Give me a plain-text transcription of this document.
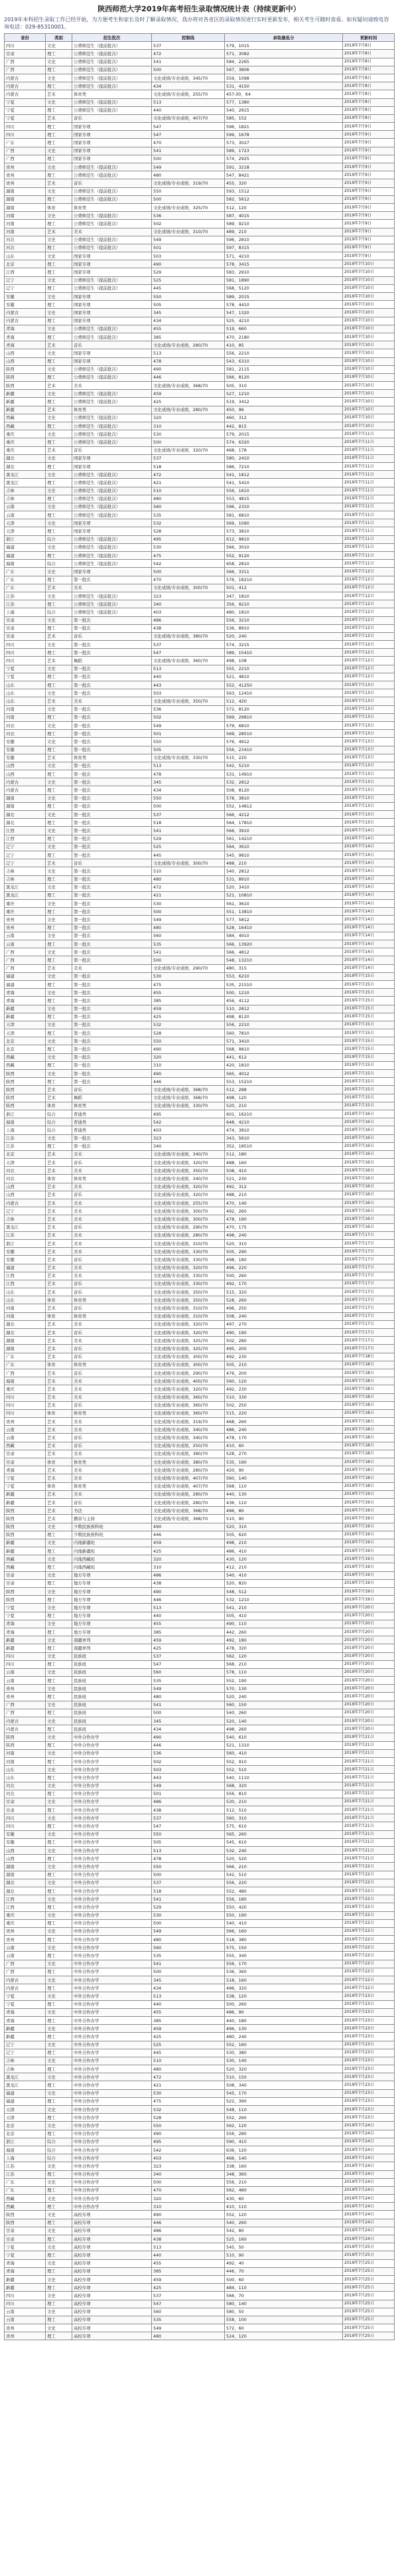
陕西师范大学2019年高考招生录取情况统计表（持续更新中）
2019年本科招生录取工作已经开始，为方便考生和家长及时了解录取情况，我办将对各省区的录取情况进行实时更新发布，相关考生可随时查看。如有疑问请致电咨询电话：029-85310001。
省份	类别	招生批次	控制线	录取最低分	更新时间
四川	文史	公费师范生（提前批次）	537	579，1015	2019年7月8日
甘肃	理工	公费师范生（提前批次）	472	571，3082	2019年7月8日
广西	文史	公费师范生（提前批次）	541	584，2265	2019年7月8日
广西	理工	公费师范生（提前批次）	500	567，3806	2019年7月8日
内蒙古	文史	公费师范生（提前批次）	文化成绩/专业成绩，345/70	559，1098	2019年7月8日
内蒙古	理工	公费师范生（提前批次）	434	531，4150	2019年7月8日
内蒙古	艺术	体育类	文化成绩/专业成绩，255/70	457.00，64	2019年7月8日
宁夏	文史	公费师范生（提前批次）	513	577，1380	2019年7月8日
宁夏	理工	公费师范生（提前批次）	440	540，2915	2019年7月8日
宁夏	艺术	音乐	文化成绩/专业成绩，407/70	585，152	2019年7月8日
四川	理工	国家专项	547	596，1821	2019年7月9日
四川	理工	国家专项	547	599，1678	2019年7月9日
广东	理工	国家专项	470	573，3027	2019年7月9日
广西	文史	国家专项	541	589，1723	2019年7月9日
广西	理工	国家专项	500	574，2925	2019年7月9日
贵州	文史	公费师范生（提前批次）	549	591，3218	2019年7月9日
贵州	理工	公费师范生（提前批次）	480	547，8421	2019年7月9日
贵州	艺术	音乐	文化成绩/专业成绩，319/70	455，320	2019年7月9日
湖南	文史	公费师范生（提前批次）	550	593，1512	2019年7月9日
湖南	理工	公费师范生（提前批次）	500	582，5612	2019年7月9日
湖南	体育	体育类	文化成绩/专业成绩，325/70	512，120	2019年7月9日
河南	文史	公费师范生（提前批次）	536	587，4015	2019年7月9日
河南	理工	公费师范生（提前批次）	502	589，9210	2019年7月9日
河南	艺术	美术	文化成绩/专业成绩，310/70	489，210	2019年7月9日
河北	文史	公费师范生（提前批次）	549	596，2810	2019年7月9日
河北	理工	公费师范生（提前批次）	501	597，8315	2019年7月9日
山东	文史	国家专项	503	571，4210	2019年7月9日
北京	理工	国家专项	490	578，3415	2019年7月10日
江西	理工	国家专项	529	583，2910	2019年7月10日
辽宁	文史	公费师范生（提前批次）	525	581，1890	2019年7月10日
辽宁	理工	公费师范生（提前批次）	445	568，5120	2019年7月10日
安徽	文史	国家专项	550	589，2015	2019年7月10日
安徽	理工	国家专项	505	578，4410	2019年7月10日
内蒙古	文史	国家专项	345	547，1320	2019年7月10日
内蒙古	理工	国家专项	434	525，4210	2019年7月10日
青海	文史	公费师范生（提前批次）	455	519，660	2019年7月10日
青海	理工	公费师范生（提前批次）	385	470，2180	2019年7月10日
青海	艺术	音乐	文化成绩/专业成绩，280/70	410，85	2019年7月10日
山西	文史	国家专项	513	556，2210	2019年7月10日
山西	理工	国家专项	478	543，6310	2019年7月10日
陕西	文史	公费师范生（提前批次）	490	581，2115	2019年7月10日
陕西	理工	公费师范生（提前批次）	446	566，8120	2019年7月10日
陕西	艺术	美术	文化成绩/专业成绩，368/70	505，310	2019年7月10日
新疆	文史	公费师范生（提前批次）	459	527，1210	2019年7月10日
新疆	理工	公费师范生（提前批次）	425	519，3412	2019年7月10日
新疆	艺术	体育类	文化成绩/专业成绩，280/70	450，96	2019年7月10日
西藏	文史	公费师范生（提前批次）	320	460，312	2019年7月10日
西藏	理工	公费师范生（提前批次）	310	442，815	2019年7月10日
重庆	文史	公费师范生（提前批次）	530	579，2015	2019年7月11日
重庆	理工	公费师范生（提前批次）	500	574，6320	2019年7月11日
重庆	艺术	音乐	文化成绩/专业成绩，320/70	468，178	2019年7月11日
湖北	文史	国家专项	537	580，2410	2019年7月11日
湖北	理工	国家专项	518	586，7210	2019年7月11日
黑龙江	文史	公费师范生（提前批次）	472	541，1812	2019年7月11日
黑龙江	理工	公费师范生（提前批次）	421	541，5410	2019年7月11日
吉林	文史	公费师范生（提前批次）	510	556，1610	2019年7月11日
吉林	理工	公费师范生（提前批次）	480	553，4815	2019年7月11日
云南	文史	公费师范生（提前批次）	560	596，2310	2019年7月11日
云南	理工	公费师范生（提前批次）	535	581，6810	2019年7月11日
天津	文史	国家专项	532	569，1090	2019年7月11日
天津	理工	国家专项	528	573，3810	2019年7月11日
浙江	综合	公费师范生（提前批次）	495	612，9810	2019年7月11日
福建	文史	公费师范生（提前批次）	530	566，3010	2019年7月11日
福建	理工	公费师范生（提前批次）	475	552，9120	2019年7月11日
海南	综合	公费师范生（提前批次）	542	658，2810	2019年7月11日
广东	文史	国家专项	500	566，3311	2019年7月12日
广东	理工	第一批次	470	576，18210	2019年7月12日
广东	艺术	美术	文化成绩/专业成绩，300/70	501，412	2019年7月12日
江苏	文史	公费师范生（提前批次）	323	347，1810	2019年7月12日
江苏	理工	公费师范生（提前批次）	340	356，9210	2019年7月12日
上海	综合	公费师范生（提前批次）	403	480，1810	2019年7月12日
甘肃	文史	第一批次	486	556，3210	2019年7月12日
甘肃	理工	第一批次	438	536，8910	2019年7月12日
甘肃	艺术	音乐	文化成绩/专业成绩，380/70	520，240	2019年7月12日
四川	文史	第一批次	537	574，3215	2019年7月12日
四川	理工	第一批次	547	589，15410	2019年7月12日
四川	艺术	舞蹈	文化成绩/专业成绩，360/70	498，108	2019年7月12日
宁夏	文史	第一批次	513	555，2210	2019年7月12日
宁夏	理工	第一批次	440	521，4810	2019年7月12日
山东	理工	第一批次	443	552，41250	2019年7月13日
山东	文史	第一批次	503	563，12410	2019年7月13日
山东	艺术	美术	文化成绩/专业成绩，350/70	512，420	2019年7月13日
河南	文史	第一批次	536	572，8120	2019年7月13日
河南	理工	第一批次	502	569，29810	2019年7月13日
河北	文史	第一批次	549	579，6810	2019年7月13日
河北	理工	第一批次	501	569，28510	2019年7月13日
安徽	文史	第一批次	550	576，4912	2019年7月13日
安徽	理工	第一批次	505	556，23410	2019年7月13日
安徽	艺术	体育类	文化成绩/专业成绩，330/70	515，220	2019年7月13日
山西	文史	第一批次	513	542，5210	2019年7月13日
山西	理工	第一批次	478	531，14910	2019年7月13日
内蒙古	文史	第一批次	345	532，2812	2019年7月13日
内蒙古	理工	第一批次	434	508，8120	2019年7月13日
湖南	文史	第一批次	550	578，3810	2019年7月13日
湖南	理工	第一批次	500	552，14812	2019年7月13日
湖北	文史	第一批次	537	566，4212	2019年7月13日
湖北	理工	第一批次	518	564，17810	2019年7月13日
江西	文史	第一批次	541	566，3910	2019年7月14日
江西	理工	第一批次	529	561，14210	2019年7月14日
辽宁	文史	第一批次	525	564，3610	2019年7月14日
辽宁	理工	第一批次	445	545，9810	2019年7月14日
辽宁	艺术	音乐	文化成绩/专业成绩，300/70	488，210	2019年7月14日
吉林	文史	第一批次	510	540，2812	2019年7月14日
吉林	理工	第一批次	480	531，8910	2019年7月14日
黑龙江	文史	第一批次	472	520，3410	2019年7月14日
黑龙江	理工	第一批次	421	521，10810	2019年7月14日
重庆	文史	第一批次	530	561，3610	2019年7月14日
重庆	理工	第一批次	500	551，13810	2019年7月14日
贵州	文史	第一批次	549	577，5812	2019年7月14日
贵州	理工	第一批次	480	528，16410	2019年7月14日
云南	文史	第一批次	560	584，4910	2019年7月14日
云南	理工	第一批次	535	566，13920	2019年7月14日
广西	文史	第一批次	541	566，4812	2019年7月14日
广西	理工	第一批次	500	548，13210	2019年7月14日
广西	艺术	美术	文化成绩/专业成绩，290/70	480，315	2019年7月14日
福建	文史	第一批次	530	553，6210	2019年7月15日
福建	理工	第一批次	475	535，21510	2019年7月15日
青海	文史	第一批次	455	500，1210	2019年7月15日
青海	理工	第一批次	385	456，4112	2019年7月15日
新疆	文史	第一批次	459	510，2812	2019年7月15日
新疆	理工	第一批次	425	498，8120	2019年7月15日
天津	文史	第一批次	532	556，2210	2019年7月15日
天津	理工	第一批次	528	560，7810	2019年7月15日
北京	文史	第一批次	550	571，3410	2019年7月15日
北京	理工	第一批次	490	568，9810	2019年7月15日
西藏	文史	第一批次	320	441，612	2019年7月15日
西藏	理工	第一批次	310	420，1810	2019年7月15日
陕西	文史	第一批次	490	565，4012	2019年7月15日
陕西	理工	第一批次	446	553，15210	2019年7月15日
陕西	艺术	音乐	文化成绩/专业成绩，368/70	512，288	2019年7月15日
陕西	艺术	舞蹈	文化成绩/专业成绩，368/70	498，120	2019年7月15日
陕西	体育	体育类	文化成绩/专业成绩，330/70	520，210	2019年7月15日
浙江	综合	普通类	495	601，16210	2019年7月16日
海南	综合	普通类	542	648，4210	2019年7月16日
上海	综合	普通类	403	474，3810	2019年7月16日
江苏	文史	第一批次	323	343，5610	2019年7月16日
江苏	理工	第一批次	340	352，18510	2019年7月16日
北京	艺术	美术	文化成绩/专业成绩，340/70	512，180	2019年7月16日
天津	艺术	音乐	文化成绩/专业成绩，320/70	488，160	2019年7月16日
河北	艺术	美术	文化成绩/专业成绩，350/70	508，410	2019年7月16日
河北	体育	体育类	文化成绩/专业成绩，340/70	521，230	2019年7月16日
山西	艺术	美术	文化成绩/专业成绩，320/70	492，312	2019年7月16日
山西	艺术	音乐	文化成绩/专业成绩，320/70	488，210	2019年7月16日
内蒙古	艺术	美术	文化成绩/专业成绩，255/70	470，140	2019年7月16日
辽宁	艺术	美术	文化成绩/专业成绩，300/70	492，260	2019年7月16日
吉林	艺术	美术	文化成绩/专业成绩，300/70	478，190	2019年7月16日
黑龙江	艺术	音乐	文化成绩/专业成绩，290/70	470，175	2019年7月16日
江苏	艺术	美术	文化成绩/专业成绩，280/70	498，240	2019年7月17日
浙江	艺术	美术	文化成绩/专业成绩，310/70	520，310	2019年7月17日
安徽	艺术	美术	文化成绩/专业成绩，330/70	505，290	2019年7月17日
安徽	艺术	音乐	文化成绩/专业成绩，330/70	498，180	2019年7月17日
福建	艺术	美术	文化成绩/专业成绩，320/70	496，220	2019年7月17日
江西	艺术	美术	文化成绩/专业成绩，330/70	500，260	2019年7月17日
江西	艺术	音乐	文化成绩/专业成绩，330/70	492，170	2019年7月17日
山东	艺术	音乐	文化成绩/专业成绩，350/70	515，320	2019年7月17日
山东	体育	体育类	文化成绩/专业成绩，350/70	528，260	2019年7月17日
河南	艺术	音乐	文化成绩/专业成绩，310/70	496，250	2019年7月17日
河南	体育	体育类	文化成绩/专业成绩，310/70	508，240	2019年7月17日
湖北	艺术	美术	文化成绩/专业成绩，320/70	497，270	2019年7月17日
湖北	艺术	音乐	文化成绩/专业成绩，320/70	490，190	2019年7月17日
湖南	艺术	美术	文化成绩/专业成绩，325/70	502，280	2019年7月17日
湖南	艺术	音乐	文化成绩/专业成绩，325/70	495，200	2019年7月17日
广东	艺术	音乐	文化成绩/专业成绩，300/70	492，230	2019年7月18日
广东	体育	体育类	文化成绩/专业成绩，300/70	505，210	2019年7月18日
广西	艺术	音乐	文化成绩/专业成绩，290/70	476，200	2019年7月18日
海南	艺术	美术	文化成绩/专业成绩，400/70	560，120	2019年7月18日
重庆	艺术	美术	文化成绩/专业成绩，320/70	492，230	2019年7月18日
四川	艺术	美术	文化成绩/专业成绩，360/70	510，330	2019年7月18日
四川	艺术	音乐	文化成绩/专业成绩，360/70	502，250	2019年7月18日
四川	体育	体育类	文化成绩/专业成绩，360/70	515，220	2019年7月18日
贵州	艺术	美术	文化成绩/专业成绩，319/70	468，260	2019年7月18日
云南	艺术	美术	文化成绩/专业成绩，340/70	486，240	2019年7月18日
云南	艺术	音乐	文化成绩/专业成绩，340/70	478，170	2019年7月18日
西藏	艺术	音乐	文化成绩/专业成绩，250/70	410，60	2019年7月18日
甘肃	艺术	美术	文化成绩/专业成绩，380/70	528，270	2019年7月18日
甘肃	体育	体育类	文化成绩/专业成绩，380/70	535，190	2019年7月18日
青海	艺术	美术	文化成绩/专业成绩，280/70	420，90	2019年7月18日
宁夏	艺术	美术	文化成绩/专业成绩，407/70	560，140	2019年7月18日
宁夏	体育	体育类	文化成绩/专业成绩，407/70	568，110	2019年7月18日
新疆	艺术	美术	文化成绩/专业成绩，280/70	440，130	2019年7月19日
新疆	艺术	音乐	文化成绩/专业成绩，280/70	436，110	2019年7月19日
陕西	艺术	书法	文化成绩/专业成绩，368/70	496，80	2019年7月19日
陕西	艺术	播音与主持	文化成绩/专业成绩，368/70	510，90	2019年7月19日
陕西	文史	少数民族预科班	490	520，310	2019年7月19日
陕西	理工	少数民族预科班	446	505，620	2019年7月19日
新疆	文史	内地新疆班	459	498，210	2019年7月19日
新疆	理工	内地新疆班	425	486，410	2019年7月19日
西藏	文史	内地西藏班	320	430，120	2019年7月19日
西藏	理工	内地西藏班	310	412，210	2019年7月19日
甘肃	文史	地方专项	486	540，410	2019年7月19日
甘肃	理工	地方专项	438	520，820	2019年7月19日
陕西	文史	地方专项	490	548，512	2019年7月19日
陕西	理工	地方专项	446	532，1210	2019年7月19日
宁夏	文史	地方专项	513	541，210	2019年7月20日
宁夏	理工	地方专项	440	505，410	2019年7月20日
青海	文史	地方专项	455	490，110	2019年7月20日
青海	理工	地方专项	385	442，260	2019年7月20日
新疆	文史	南疆单列	459	492，180	2019年7月20日
新疆	理工	南疆单列	425	478，320	2019年7月20日
四川	文史	民族班	537	562，120	2019年7月20日
四川	理工	民族班	547	568，210	2019年7月20日
云南	文史	民族班	560	578，110	2019年7月20日
云南	理工	民族班	535	552，190	2019年7月20日
贵州	文史	民族班	549	570，130	2019年7月20日
贵州	理工	民族班	480	520，240	2019年7月20日
广西	文史	民族班	541	560，150	2019年7月20日
广西	理工	民族班	500	540，260	2019年7月20日
内蒙古	文史	民族班	345	520，140	2019年7月20日
内蒙古	理工	民族班	434	498，260	2019年7月20日
陕西	文史	中外合作办学	490	540，610	2019年7月21日
陕西	理工	中外合作办学	446	521，1310	2019年7月21日
河南	文史	中外合作办学	536	560，410	2019年7月21日
河南	理工	中外合作办学	502	552，910	2019年7月21日
山东	文史	中外合作办学	503	552，510	2019年7月21日
山东	理工	中外合作办学	443	540，1110	2019年7月21日
河北	文史	中外合作办学	549	568，320	2019年7月21日
河北	理工	中外合作办学	501	556，810	2019年7月21日
甘肃	文史	中外合作办学	486	530，210	2019年7月21日
甘肃	理工	中外合作办学	438	512，510	2019年7月21日
四川	文史	中外合作办学	537	560，310	2019年7月21日
四川	理工	中外合作办学	547	575，610	2019年7月21日
安徽	文史	中外合作办学	550	565，260	2019年7月21日
安徽	理工	中外合作办学	505	545，610	2019年7月21日
山西	文史	中外合作办学	513	532，240	2019年7月21日
山西	理工	中外合作办学	478	520，520	2019年7月21日
湖南	文史	中外合作办学	550	566，210	2019年7月22日
湖南	理工	中外合作办学	500	542，510	2019年7月22日
湖北	文史	中外合作办学	537	556，220	2019年7月22日
湖北	理工	中外合作办学	518	552，480	2019年7月22日
江西	文史	中外合作办学	541	556，180	2019年7月22日
江西	理工	中外合作办学	529	550，420	2019年7月22日
重庆	文史	中外合作办学	530	550，190	2019年7月22日
重庆	理工	中外合作办学	500	540，410	2019年7月22日
贵州	文史	中外合作办学	549	566，160	2019年7月22日
贵州	理工	中外合作办学	480	518，380	2019年7月22日
云南	文史	中外合作办学	560	575，150	2019年7月22日
云南	理工	中外合作办学	535	555，340	2019年7月22日
广西	文史	中外合作办学	541	556，170	2019年7月22日
广西	理工	中外合作办学	500	536，360	2019年7月22日
内蒙古	文史	中外合作办学	345	518，160	2019年7月22日
内蒙古	理工	中外合作办学	434	496，320	2019年7月22日
宁夏	文史	中外合作办学	513	538，120	2019年7月23日
宁夏	理工	中外合作办学	440	500，260	2019年7月23日
青海	文史	中外合作办学	455	486，90	2019年7月23日
青海	理工	中外合作办学	385	440，180	2019年7月23日
新疆	文史	中外合作办学	459	496，130	2019年7月23日
新疆	理工	中外合作办学	425	480，240	2019年7月23日
辽宁	文史	中外合作办学	525	552，160	2019年7月23日
辽宁	理工	中外合作办学	445	530，380	2019年7月23日
吉林	文史	中外合作办学	510	530，140	2019年7月23日
吉林	理工	中外合作办学	480	520，320	2019年7月23日
黑龙江	文史	中外合作办学	472	510，150	2019年7月23日
黑龙江	理工	中外合作办学	421	508，340	2019年7月23日
福建	文史	中外合作办学	530	545，170	2019年7月23日
福建	理工	中外合作办学	475	522，390	2019年7月23日
天津	文史	中外合作办学	532	548，110	2019年7月23日
天津	理工	中外合作办学	528	552，260	2019年7月23日
北京	文史	中外合作办学	550	562，120	2019年7月24日
北京	理工	中外合作办学	490	556，280	2019年7月24日
浙江	综合	中外合作办学	495	590，410	2019年7月24日
海南	综合	中外合作办学	542	636，120	2019年7月24日
上海	综合	中外合作办学	403	466，140	2019年7月24日
江苏	文史	中外合作办学	323	338，160	2019年7月24日
江苏	理工	中外合作办学	340	348，360	2019年7月24日
广东	文史	中外合作办学	500	556，210	2019年7月24日
广东	理工	中外合作办学	470	562，480	2019年7月24日
西藏	文史	中外合作办学	320	430，60	2019年7月24日
西藏	理工	中外合作办学	310	410，110	2019年7月24日
陕西	文史	高校专项	490	552，120	2019年7月24日
陕西	理工	高校专项	446	540，260	2019年7月24日
甘肃	文史	高校专项	486	542，80	2019年7月24日
甘肃	理工	高校专项	438	525，160	2019年7月24日
宁夏	文史	高校专项	513	545，50	2019年7月25日
宁夏	理工	高校专项	440	510，90	2019年7月25日
青海	文史	高校专项	455	492，40	2019年7月25日
青海	理工	高校专项	385	446，70	2019年7月25日
新疆	文史	高校专项	459	500，60	2019年7月25日
新疆	理工	高校专项	425	484，110	2019年7月25日
四川	文史	高校专项	537	566，70	2019年7月25日
四川	理工	高校专项	547	580，140	2019年7月25日
云南	文史	高校专项	560	580，50	2019年7月25日
云南	理工	高校专项	535	558，100	2019年7月25日
贵州	文史	高校专项	549	572，60	2019年7月25日
贵州	理工	高校专项	480	524，120	2019年7月25日
